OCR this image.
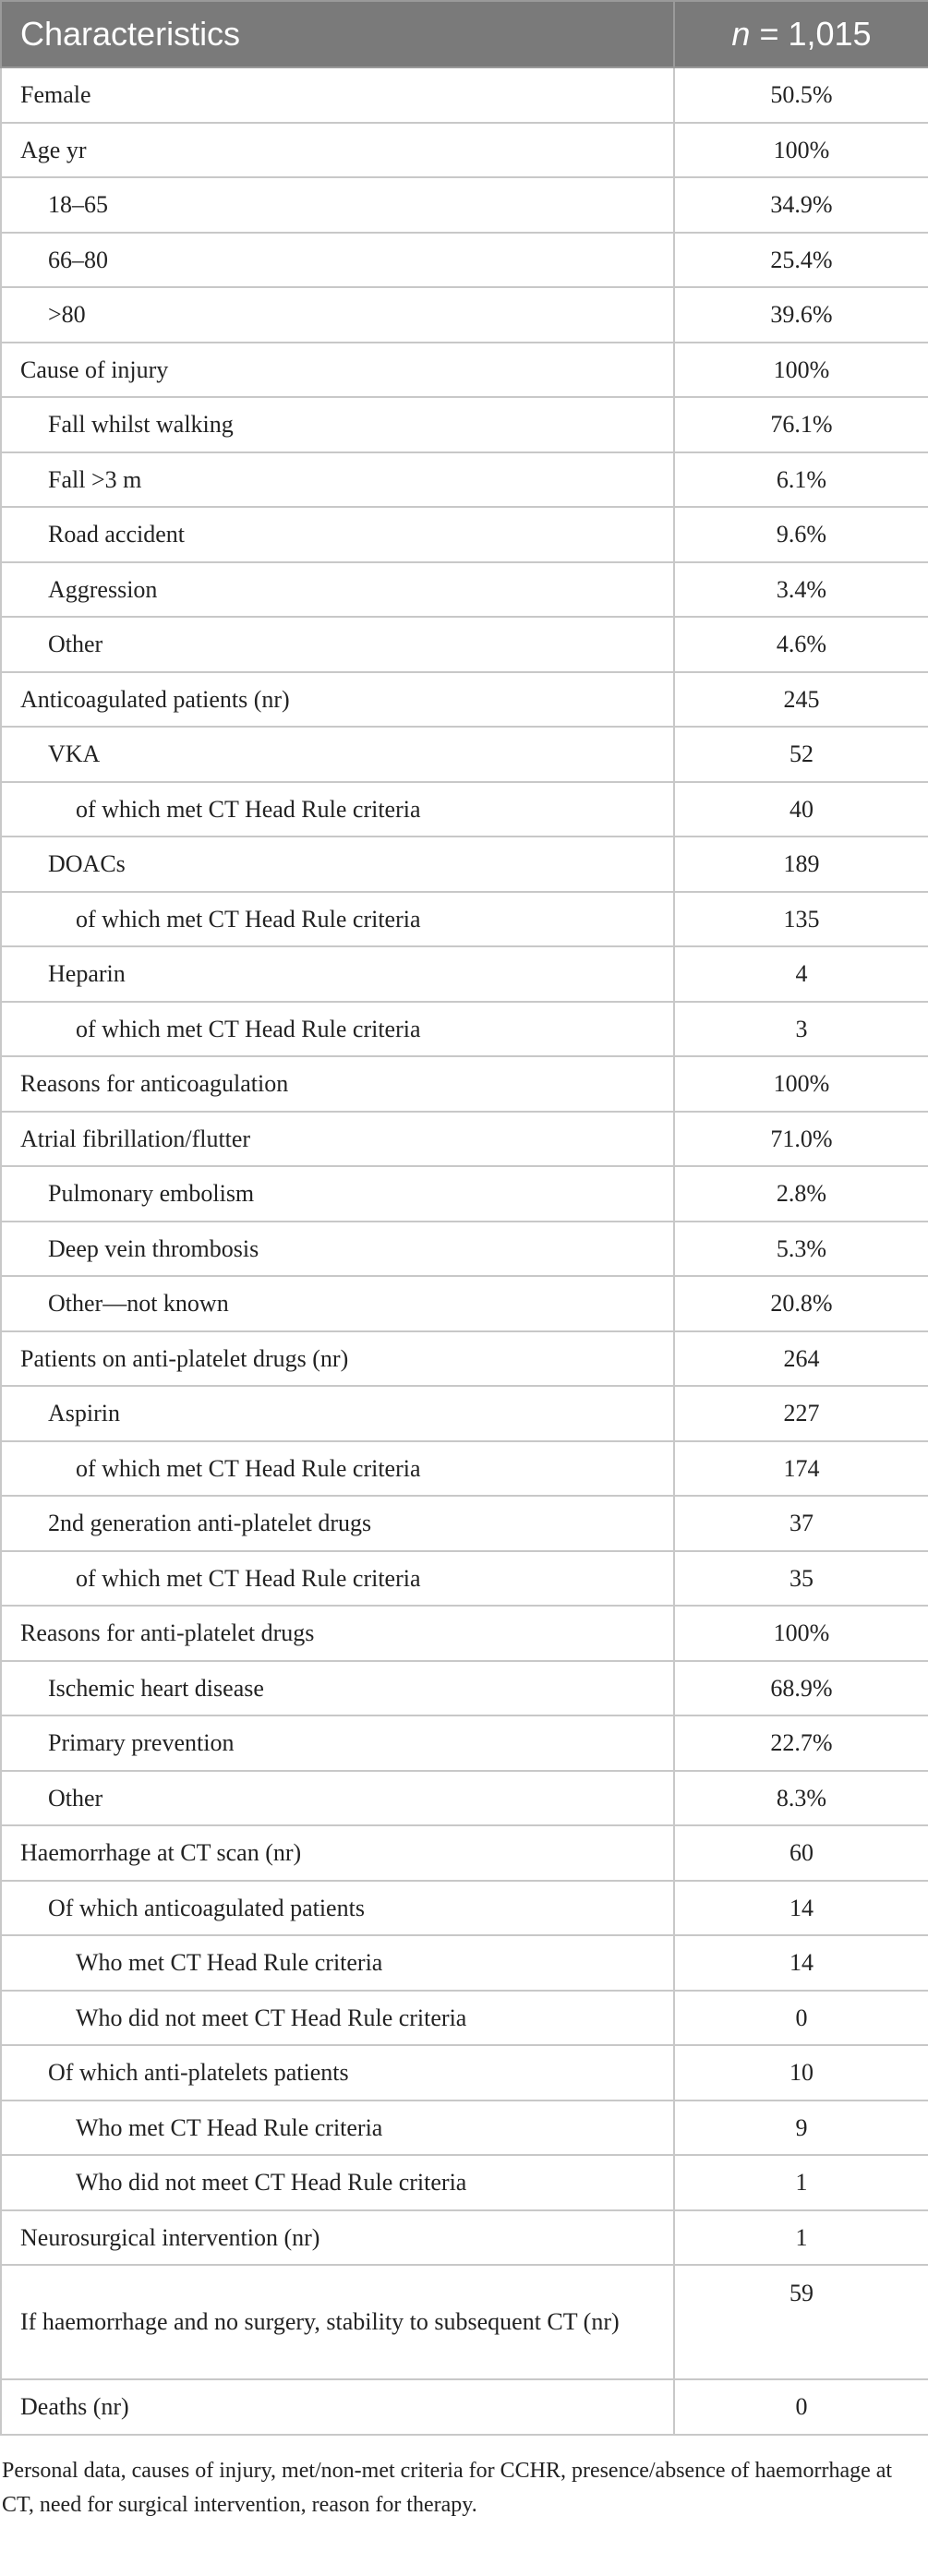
Characteristics	n = 1,015
Female	50.5%
Age yr	100%
18–65	34.9%
66–80	25.4%
>80	39.6%
Cause of injury	100%
Fall whilst walking	76.1%
Fall >3 m	6.1%
Road accident	9.6%
Aggression	3.4%
Other	4.6%
Anticoagulated patients (nr)	245
VKA	52
of which met CT Head Rule criteria	40
DOACs	189
of which met CT Head Rule criteria	135
Heparin	4
of which met CT Head Rule criteria	3
Reasons for anticoagulation	100%
Atrial fibrillation/flutter	71.0%
Pulmonary embolism	2.8%
Deep vein thrombosis	5.3%
Other—not known	20.8%
Patients on anti-platelet drugs (nr)	264
Aspirin	227
of which met CT Head Rule criteria	174
2nd generation anti-platelet drugs	37
of which met CT Head Rule criteria	35
Reasons for anti-platelet drugs	100%
Ischemic heart disease	68.9%
Primary prevention	22.7%
Other	8.3%
Haemorrhage at CT scan (nr)	60
Of which anticoagulated patients	14
Who met CT Head Rule criteria	14
Who did not meet CT Head Rule criteria	0
Of which anti-platelets patients	10
Who met CT Head Rule criteria	9
Who did not meet CT Head Rule criteria	1
Neurosurgical intervention (nr)	1
If haemorrhage and no surgery, stability to subsequent CT (nr)	59
Deaths (nr)	0
Personal data, causes of injury, met/non-met criteria for CCHR, presence/absence of haemorrhage at CT, need for surgical intervention, reason for therapy.
